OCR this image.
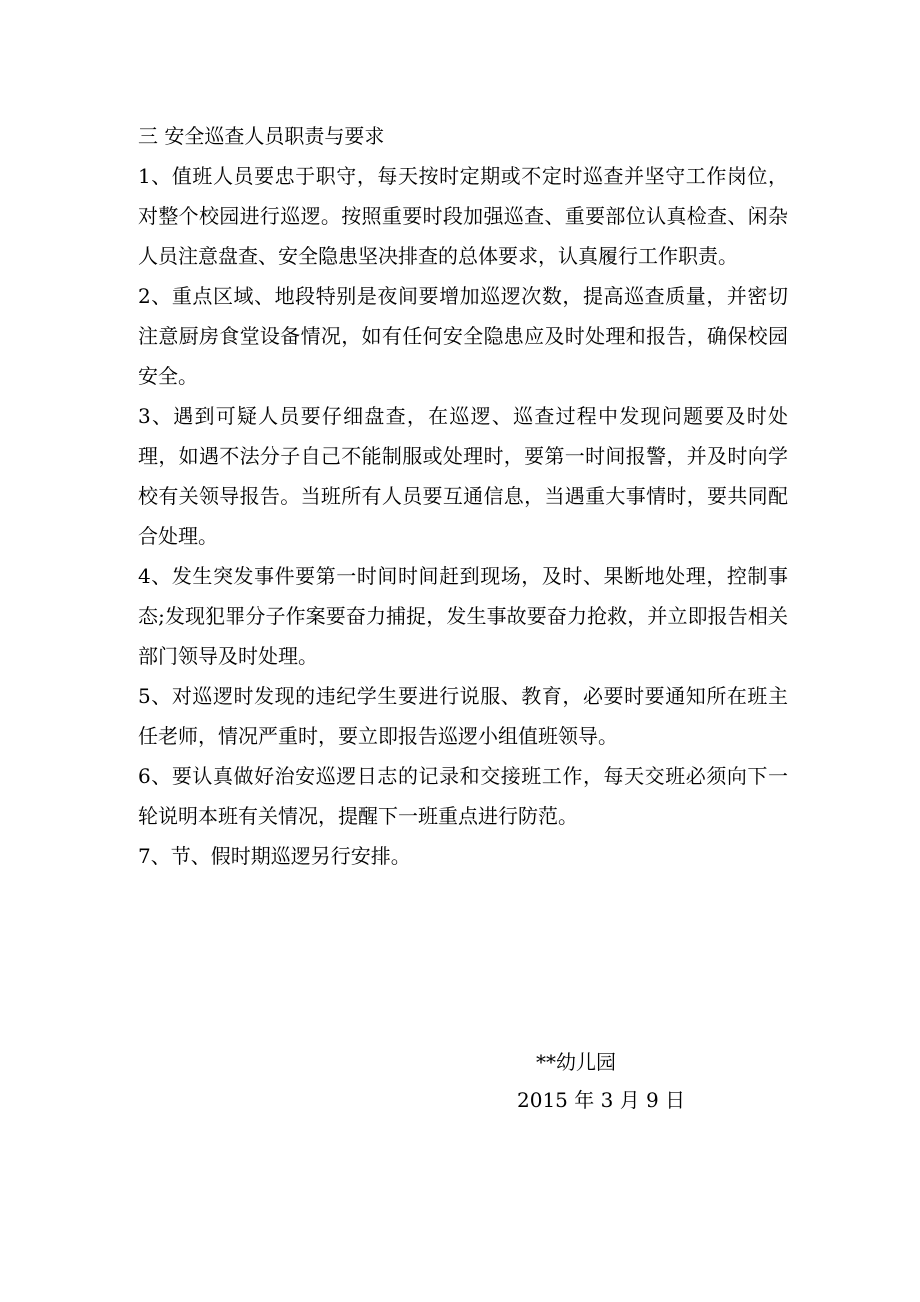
三 安全巡查人员职责与要求

1、值班人员要忠于职守，每天按时定期或不定时巡查并坚守工作岗位，对整个校园进行巡逻。按照重要时段加强巡查、重要部位认真检查、闲杂人员注意盘查、安全隐患坚决排查的总体要求，认真履行工作职责。

2、重点区域、地段特别是夜间要增加巡逻次数，提高巡查质量，并密切注意厨房食堂设备情况，如有任何安全隐患应及时处理和报告，确保校园安全。

3、遇到可疑人员要仔细盘查，在巡逻、巡查过程中发现问题要及时处理，如遇不法分子自己不能制服或处理时，要第一时间报警，并及时向学校有关领导报告。当班所有人员要互通信息，当遇重大事情时，要共同配合处理。

4、发生突发事件要第一时间时间赶到现场，及时、果断地处理，控制事态;发现犯罪分子作案要奋力捕捉，发生事故要奋力抢救，并立即报告相关部门领导及时处理。

5、对巡逻时发现的违纪学生要进行说服、教育，必要时要通知所在班主任老师，情况严重时，要立即报告巡逻小组值班领导。

6、要认真做好治安巡逻日志的记录和交接班工作，每天交班必须向下一轮说明本班有关情况，提醒下一班重点进行防范。

7、节、假时期巡逻另行安排。

**幼儿园
2015 年 3 月 9 日
